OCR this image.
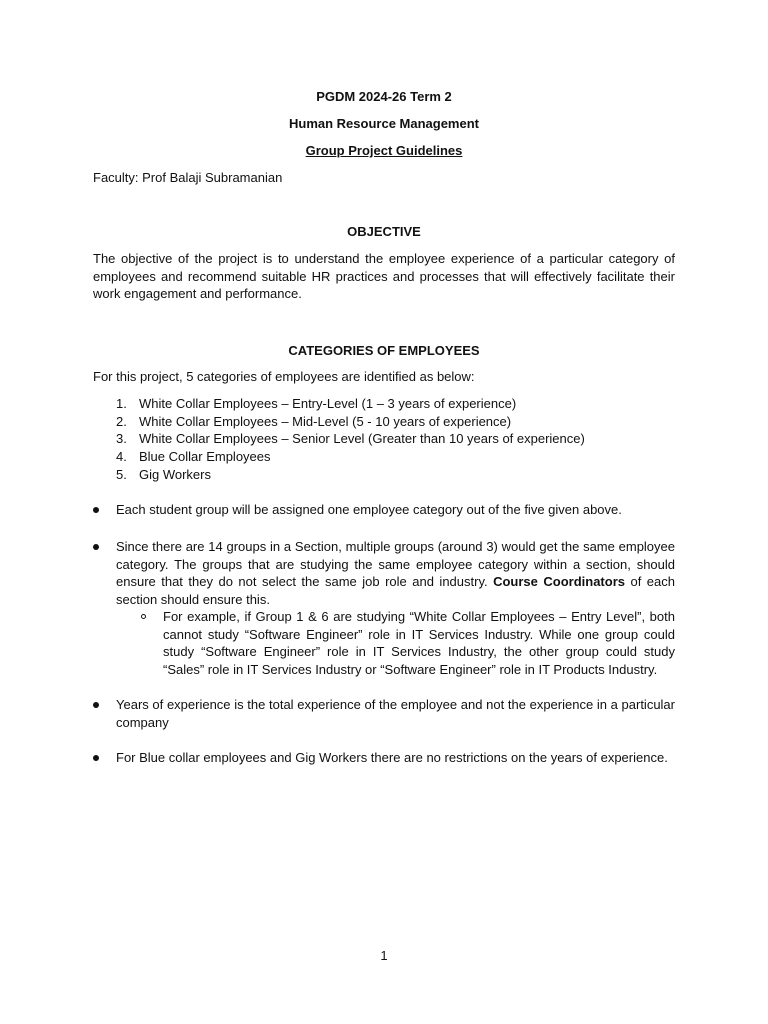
PGDM 2024-26 Term 2
Human Resource Management
Group Project Guidelines
Faculty: Prof Balaji Subramanian
OBJECTIVE
The objective of the project is to understand the employee experience of a particular category of employees and recommend suitable HR practices and processes that will effectively facilitate their work engagement and performance.
CATEGORIES OF EMPLOYEES
For this project, 5 categories of employees are identified as below:
1. White Collar Employees – Entry-Level (1 – 3 years of experience)
2. White Collar Employees – Mid-Level (5 - 10 years of experience)
3. White Collar Employees – Senior Level (Greater than 10 years of experience)
4. Blue Collar Employees
5. Gig Workers
Each student group will be assigned one employee category out of the five given above.
Since there are 14 groups in a Section, multiple groups (around 3) would get the same employee category. The groups that are studying the same employee category within a section, should ensure that they do not select the same job role and industry. Course Coordinators of each section should ensure this.
For example, if Group 1 & 6 are studying “White Collar Employees – Entry Level”, both cannot study “Software Engineer” role in IT Services Industry. While one group could study “Software Engineer” role in IT Services Industry, the other group could study “Sales” role in IT Services Industry or “Software Engineer” role in IT Products Industry.
Years of experience is the total experience of the employee and not the experience in a particular company
For Blue collar employees and Gig Workers there are no restrictions on the years of experience.
1
